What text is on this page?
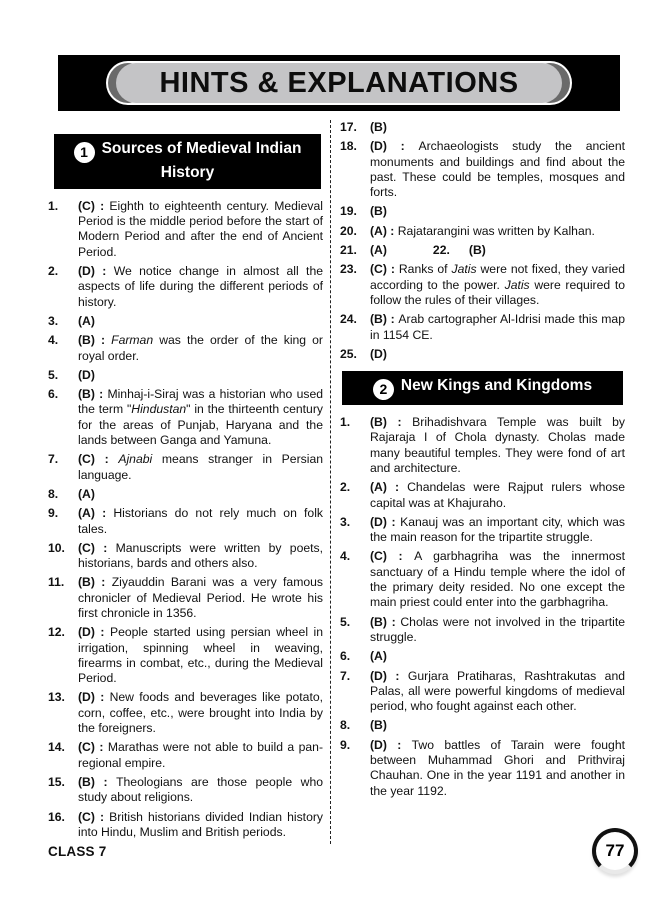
HINTS & EXPLANATIONS
1 Sources of Medieval Indian History
1.	(C) : Eighth to eighteenth century. Medieval Period is the middle period before the start of Modern Period and after the end of Ancient Period.
2.	(D) : We notice change in almost all the aspects of life during the different periods of history.
3.	(A)
4.	(B) : Farman was the order of the king or royal order.
5.	(D)
6.	(B) : Minhaj-i-Siraj was a historian who used the term "Hindustan" in the thirteenth century for the areas of Punjab, Haryana and the lands between Ganga and Yamuna.
7.	(C) : Ajnabi means stranger in Persian language.
8.	(A)
9.	(A) : Historians do not rely much on folk tales.
10.	(C) : Manuscripts were written by poets, historians, bards and others also.
11.	(B) : Ziyauddin Barani was a very famous chronicler of Medieval Period. He wrote his first chronicle in 1356.
12.	(D) : People started using persian wheel in irrigation, spinning wheel in weaving, firearms in combat, etc., during the Medieval Period.
13.	(D) : New foods and beverages like potato, corn, coffee, etc., were brought into India by the foreigners.
14.	(C) : Marathas were not able to build a pan-regional empire.
15.	(B) : Theologians are those people who study about religions.
16.	(C) : British historians divided Indian history into Hindu, Muslim and British periods.
17.	(B)
18.	(D) : Archaeologists study the ancient monuments and buildings and find about the past. These could be temples, mosques and forts.
19.	(B)
20.	(A) : Rajatarangini was written by Kalhan.
21.	(A)	22.	(B)
23.	(C) : Ranks of Jatis were not fixed, they varied according to the power. Jatis were required to follow the rules of their villages.
24.	(B) : Arab cartographer Al-Idrisi made this map in 1154 CE.
25.	(D)
2 New Kings and Kingdoms
1.	(B) : Brihadishvara Temple was built by Rajaraja I of Chola dynasty. Cholas made many beautiful temples. They were fond of art and architecture.
2.	(A) : Chandelas were Rajput rulers whose capital was at Khajuraho.
3.	(D) : Kanauj was an important city, which was the main reason for the tripartite struggle.
4.	(C) : A garbhagriha was the innermost sanctuary of a Hindu temple where the idol of the primary deity resided. No one except the main priest could enter into the garbhagriha.
5.	(B) : Cholas were not involved in the tripartite struggle.
6.	(A)
7.	(D) : Gurjara Pratiharas, Rashtrakutas and Palas, all were powerful kingdoms of medieval period, who fought against each other.
8.	(B)
9.	(D) : Two battles of Tarain were fought between Muhammad Ghori and Prithviraj Chauhan. One in the year 1191 and another in the year 1192.
CLASS 7	77
